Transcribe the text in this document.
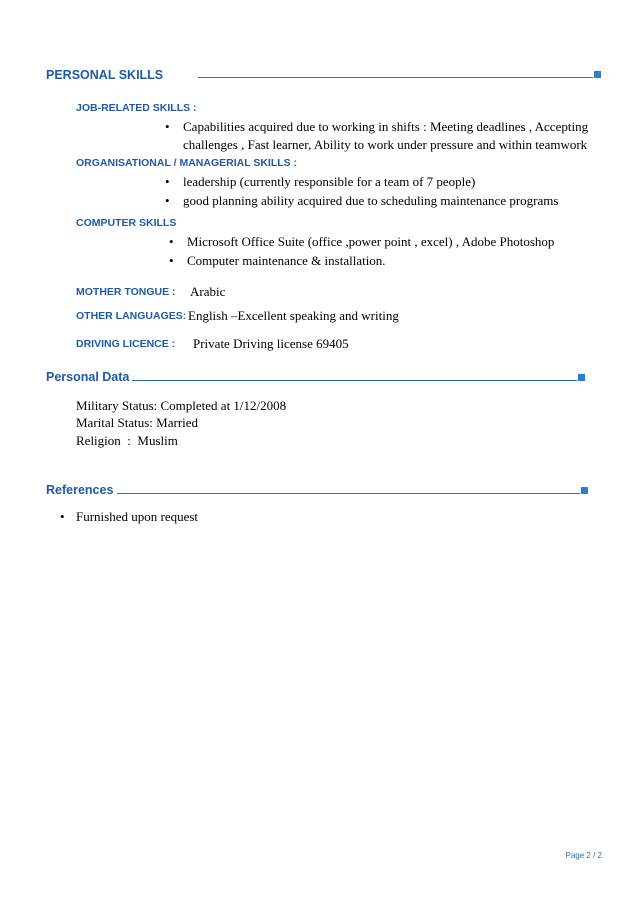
PERSONAL SKILLS
JOB-RELATED SKILLS :
• Capabilities acquired due to working in shifts : Meeting deadlines , Accepting challenges , Fast learner, Ability to work under pressure and within teamwork
ORGANISATIONAL / MANAGERIAL SKILLS :
• leadership (currently responsible for a team of 7 people)
• good planning ability acquired due to scheduling maintenance programs
COMPUTER SKILLS
• Microsoft Office Suite (office ,power point , excel) , Adobe Photoshop
• Computer maintenance & installation.
MOTHER TONGUE : Arabic
OTHER LANGUAGES: English –Excellent speaking and writing
DRIVING LICENCE : Private Driving license 69405
Personal Data
Military Status: Completed at 1/12/2008
Marital Status: Married
Religion  :  Muslim
References
• Furnished upon request
Page 2 / 2
